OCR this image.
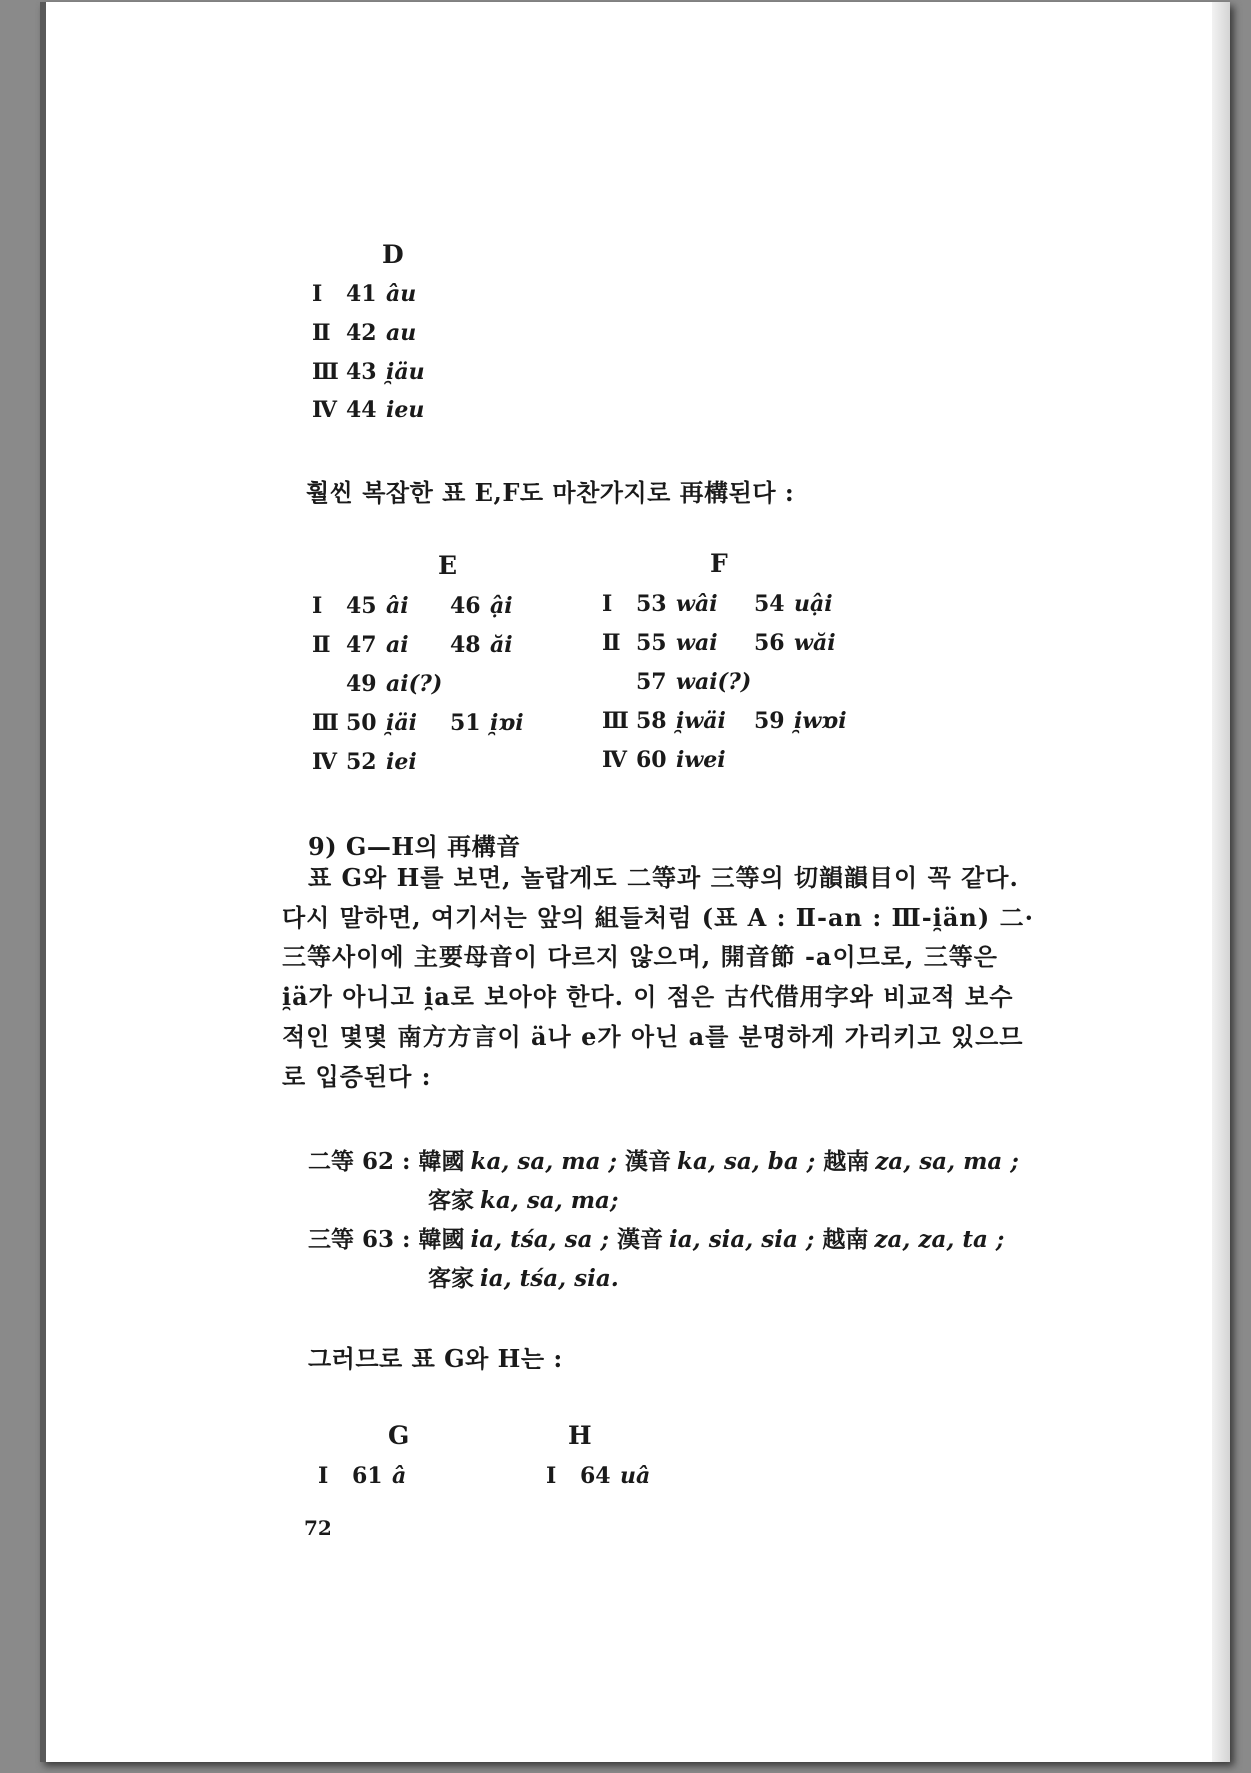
D
Ⅰ 41 âu
Ⅱ 42 au
Ⅲ 43 i̯äu
Ⅳ 44 ieu
훨씬 복잡한 표 E,F도 마찬가지로 再構된다 :
E
Ⅰ 45 âi 46 ậi
Ⅱ 47 ai 48 ăi
49 ai(?)
Ⅲ 50 i̯äi 51 i̯ɒi
Ⅳ 52 iei
F
Ⅰ 53 wâi 54 uậi
Ⅱ 55 wai 56 wăi
57 wai(?)
Ⅲ 58 i̯wäi 59 i̯wɒi
Ⅳ 60 iwei
9) G—H의 再構音
표 G와 H를 보면, 놀랍게도 二等과 三等의 切韻韻目이 꼭 같다.
다시 말하면, 여기서는 앞의 組들처럼 (표 A : Ⅱ-an : Ⅲ-i̯än) 二·
三等사이에 主要母音이 다르지 않으며, 開音節 -a이므로, 三等은
i̯ä가 아니고 i̯a로 보아야 한다. 이 점은 古代借用字와 비교적 보수
적인 몇몇 南方方言이 ä나 e가 아닌 a를 분명하게 가리키고 있으므
로 입증된다 :
二等 62 : 韓國 ka, sa, ma ; 漢音 ka, sa, ba ; 越南 za, sa, ma ;
客家 ka, sa, ma;
三等 63 : 韓國 ia, tśa, sa ; 漢音 ia, sia, sia ; 越南 za, za, ta ;
客家 ia, tśa, sia.
그러므로 표 G와 H는 :
G	H
Ⅰ 61 â	Ⅰ 64 uâ
72
